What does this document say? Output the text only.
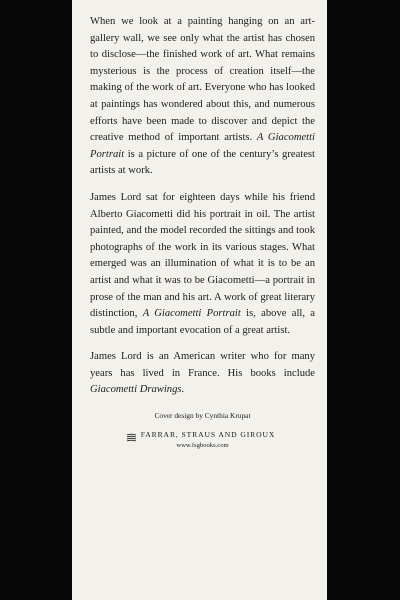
When we look at a painting hanging on an art-gallery wall, we see only what the artist has chosen to disclose—the finished work of art. What remains mysterious is the process of creation itself—the making of the work of art. Everyone who has looked at paintings has wondered about this, and numerous efforts have been made to discover and depict the creative method of important artists. A Giacometti Portrait is a picture of one of the century’s greatest artists at work.

James Lord sat for eighteen days while his friend Alberto Giacometti did his portrait in oil. The artist painted, and the model recorded the sittings and took photographs of the work in its various stages. What emerged was an illumination of what it is to be an artist and what it was to be Giacometti—a portrait in prose of the man and his art. A work of great literary distinction, A Giacometti Portrait is, above all, a subtle and important evocation of a great artist.

James Lord is an American writer who for many years has lived in France. His books include Giacometti Drawings.

Cover design by Cynthia Krupat
FARRAR, STRAUS AND GIROUX
www.fsgbooks.com
